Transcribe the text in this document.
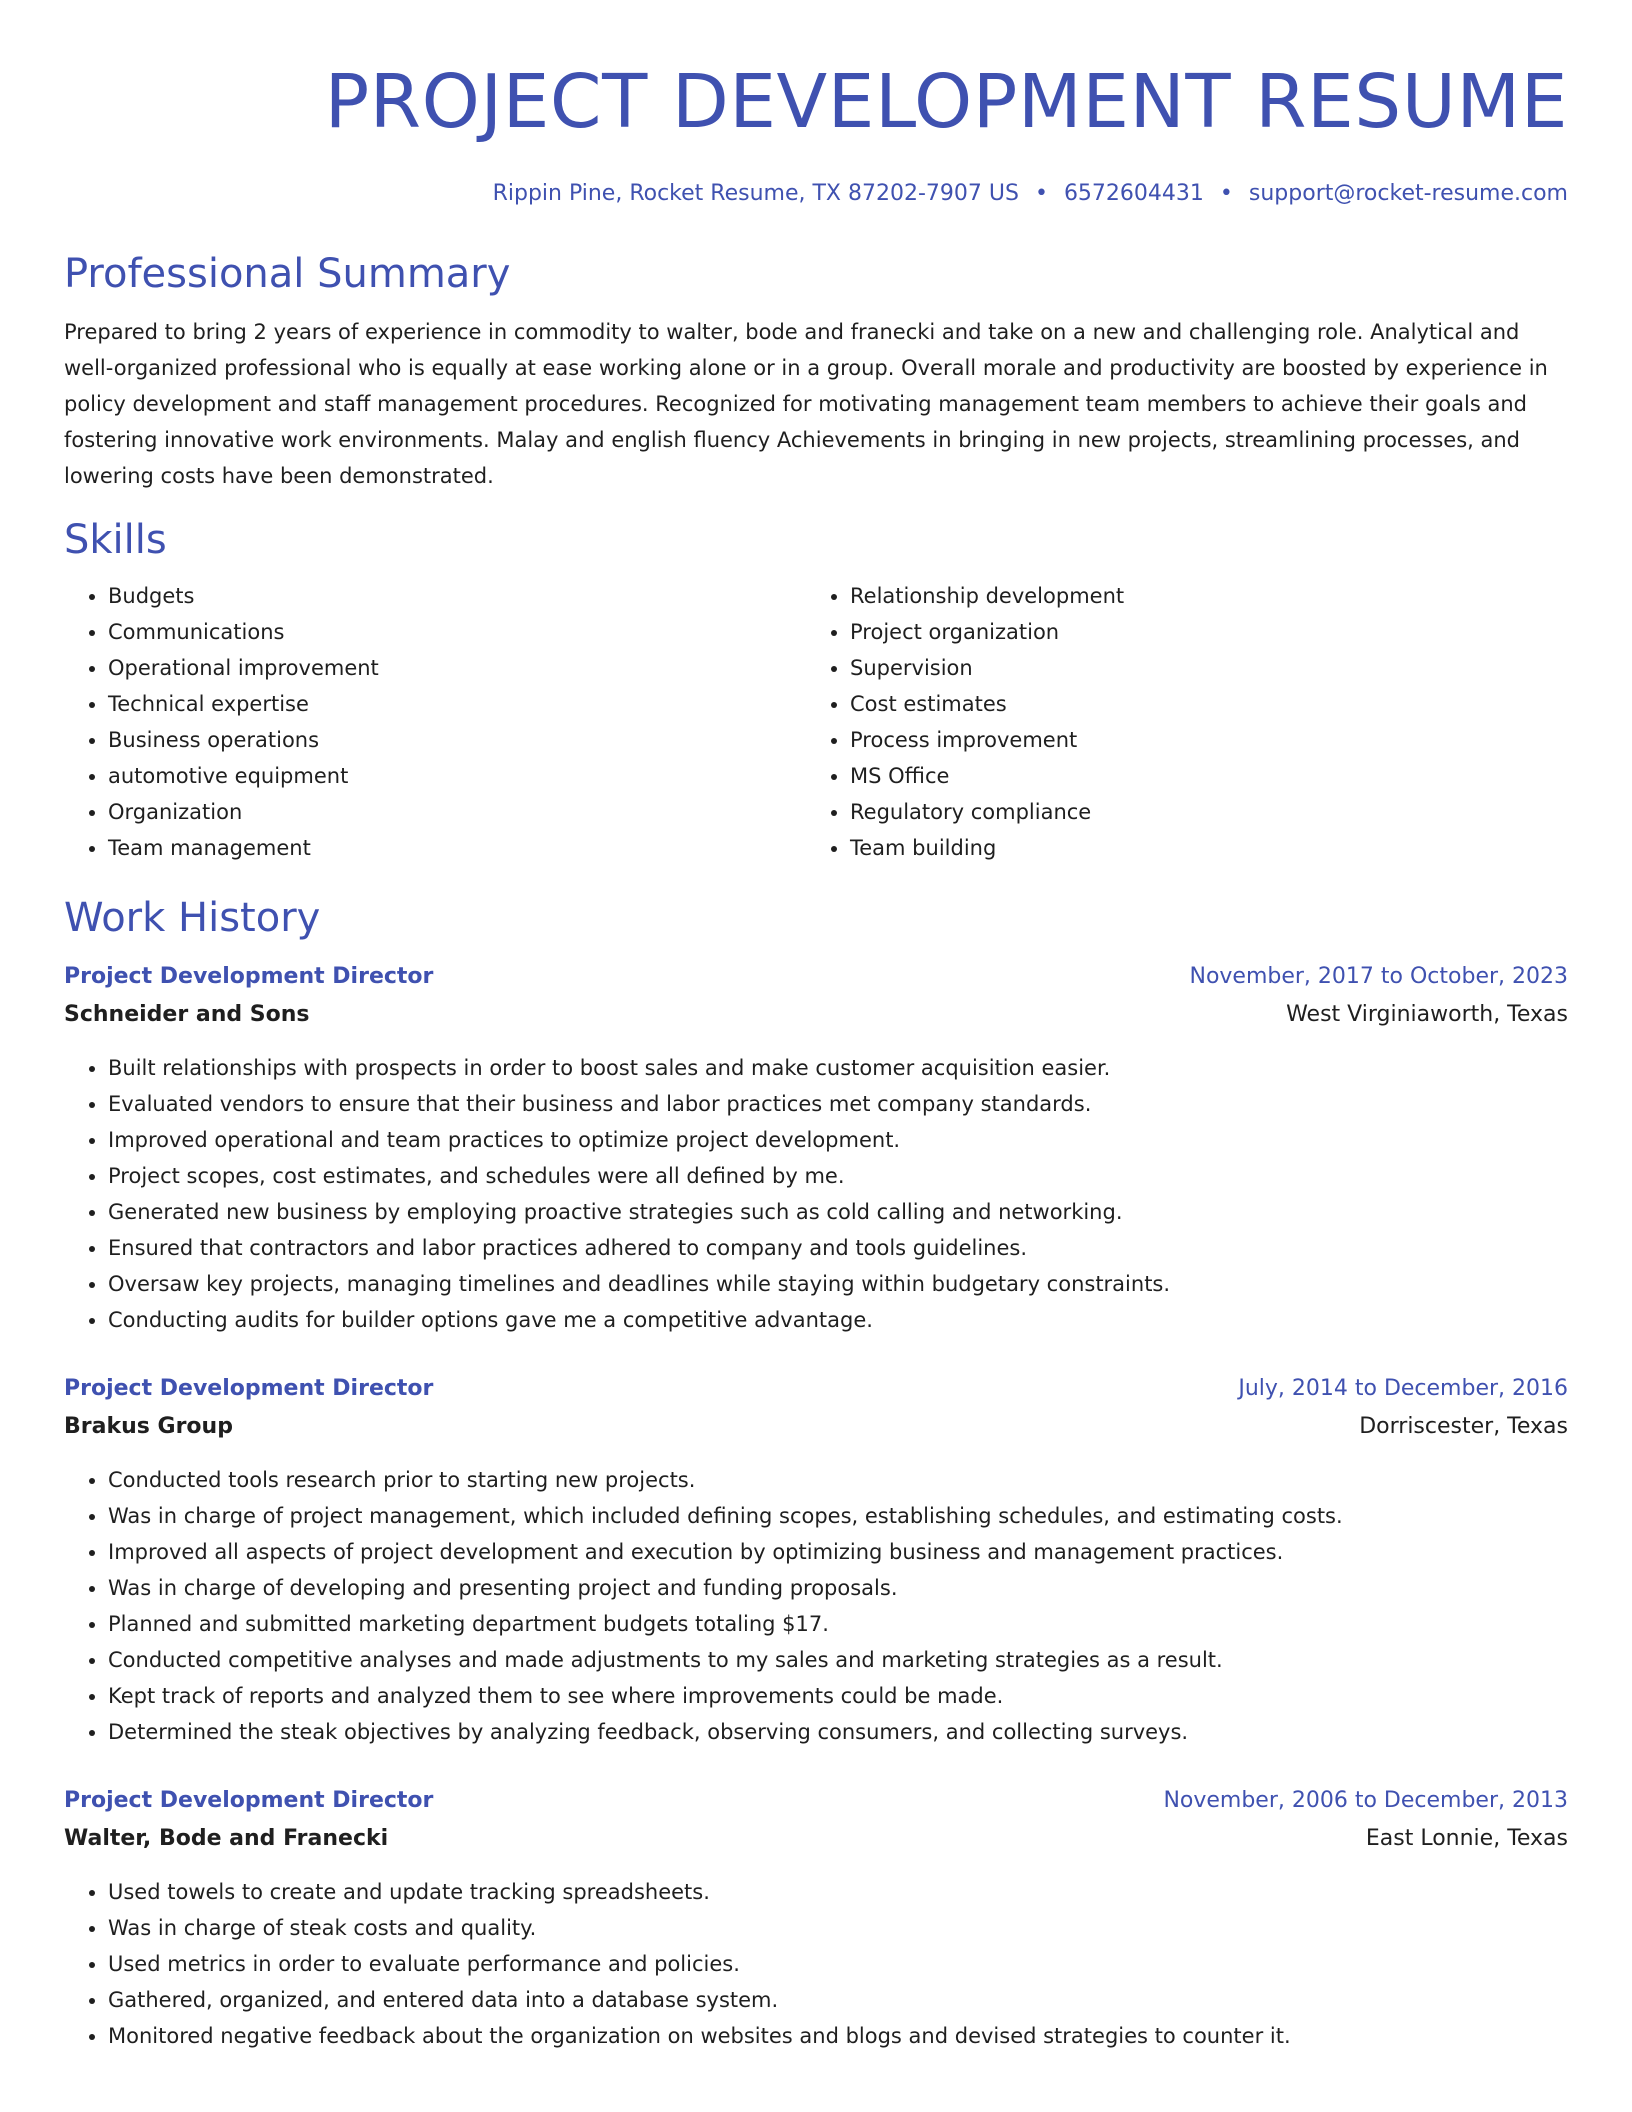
PROJECT DEVELOPMENT RESUME
Rippin Pine, Rocket Resume, TX 87202-7907 US • 6572604431 • support@rocket-resume.com
Professional Summary
Prepared to bring 2 years of experience in commodity to walter, bode and franecki and take on a new and challenging role. Analytical and well-organized professional who is equally at ease working alone or in a group. Overall morale and productivity are boosted by experience in policy development and staff management procedures. Recognized for motivating management team members to achieve their goals and fostering innovative work environments. Malay and english fluency Achievements in bringing in new projects, streamlining processes, and lowering costs have been demonstrated.
Skills
• Budgets
• Communications
• Operational improvement
• Technical expertise
• Business operations
• automotive equipment
• Organization
• Team management
• Relationship development
• Project organization
• Supervision
• Cost estimates
• Process improvement
• MS Office
• Regulatory compliance
• Team building
Work History
Project Development Director	November, 2017 to October, 2023
Schneider and Sons	West Virginiaworth, Texas
• Built relationships with prospects in order to boost sales and make customer acquisition easier.
• Evaluated vendors to ensure that their business and labor practices met company standards.
• Improved operational and team practices to optimize project development.
• Project scopes, cost estimates, and schedules were all defined by me.
• Generated new business by employing proactive strategies such as cold calling and networking.
• Ensured that contractors and labor practices adhered to company and tools guidelines.
• Oversaw key projects, managing timelines and deadlines while staying within budgetary constraints.
• Conducting audits for builder options gave me a competitive advantage.
Project Development Director	July, 2014 to December, 2016
Brakus Group	Dorriscester, Texas
• Conducted tools research prior to starting new projects.
• Was in charge of project management, which included defining scopes, establishing schedules, and estimating costs.
• Improved all aspects of project development and execution by optimizing business and management practices.
• Was in charge of developing and presenting project and funding proposals.
• Planned and submitted marketing department budgets totaling $17.
• Conducted competitive analyses and made adjustments to my sales and marketing strategies as a result.
• Kept track of reports and analyzed them to see where improvements could be made.
• Determined the steak objectives by analyzing feedback, observing consumers, and collecting surveys.
Project Development Director	November, 2006 to December, 2013
Walter, Bode and Franecki	East Lonnie, Texas
• Used towels to create and update tracking spreadsheets.
• Was in charge of steak costs and quality.
• Used metrics in order to evaluate performance and policies.
• Gathered, organized, and entered data into a database system.
• Monitored negative feedback about the organization on websites and blogs and devised strategies to counter it.
